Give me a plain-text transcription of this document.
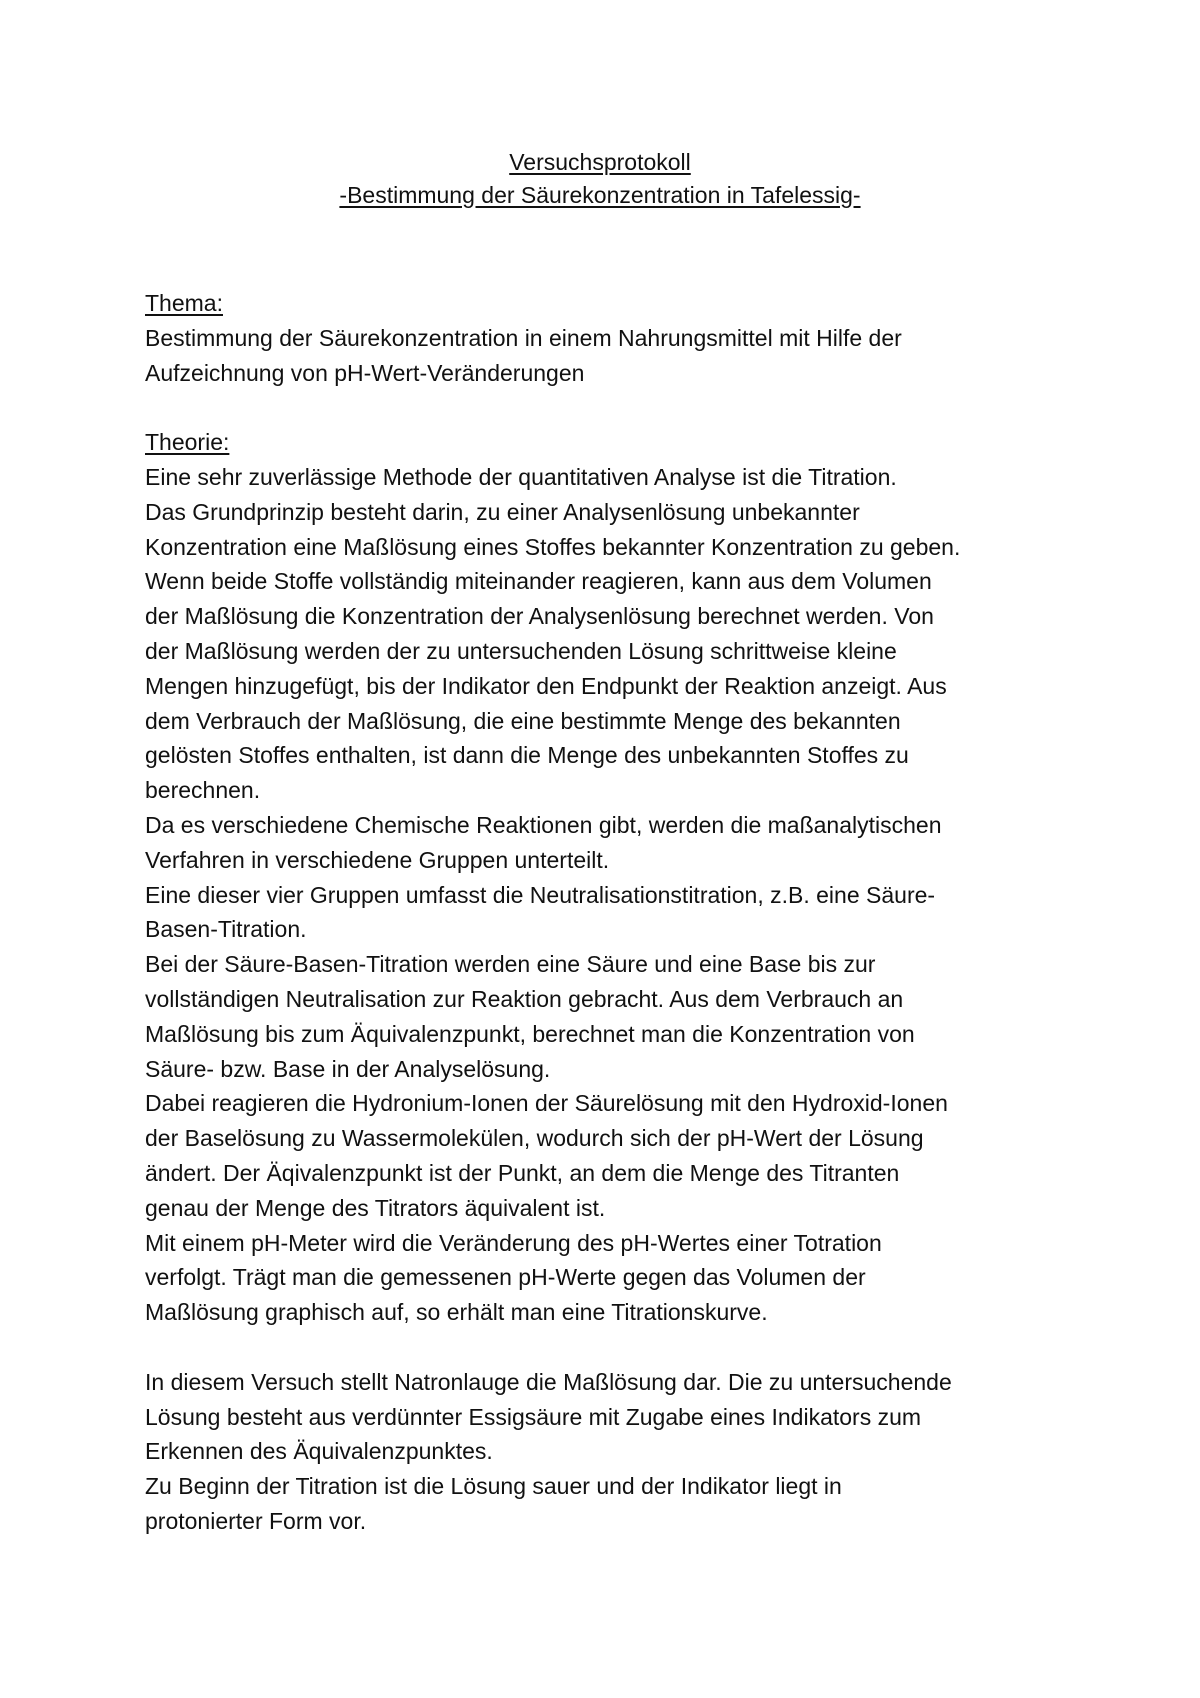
Versuchsprotokoll
-Bestimmung der Säurekonzentration in Tafelessig-
Thema:
Bestimmung der Säurekonzentration in einem Nahrungsmittel mit Hilfe der
Aufzeichnung von pH-Wert-Veränderungen
Theorie:
Eine sehr zuverlässige Methode der quantitativen Analyse ist die Titration.
Das Grundprinzip besteht darin, zu einer Analysenlösung unbekannter
Konzentration eine Maßlösung eines Stoffes bekannter Konzentration zu geben.
Wenn beide Stoffe vollständig miteinander reagieren, kann aus dem Volumen
der Maßlösung die Konzentration der Analysenlösung berechnet werden. Von
der Maßlösung werden der zu untersuchenden Lösung schrittweise kleine
Mengen hinzugefügt, bis der Indikator den Endpunkt der Reaktion anzeigt. Aus
dem Verbrauch der Maßlösung, die eine bestimmte Menge des bekannten
gelösten Stoffes enthalten, ist dann die Menge des unbekannten Stoffes zu
berechnen.
Da es verschiedene Chemische Reaktionen gibt, werden die maßanalytischen
Verfahren in verschiedene Gruppen unterteilt.
Eine dieser vier Gruppen umfasst die Neutralisationstitration, z.B. eine Säure-
Basen-Titration.
Bei der Säure-Basen-Titration werden eine Säure und eine Base bis zur
vollständigen Neutralisation zur Reaktion gebracht. Aus dem Verbrauch an
Maßlösung bis zum Äquivalenzpunkt, berechnet man die Konzentration von
Säure- bzw. Base in der Analyselösung.
Dabei reagieren die Hydronium-Ionen der Säurelösung mit den Hydroxid-Ionen
der Baselösung zu Wassermolekülen, wodurch sich der pH-Wert der Lösung
ändert. Der Äqivalenzpunkt ist der Punkt, an dem die Menge des Titranten
genau der Menge des Titrators äquivalent ist.
Mit einem pH-Meter wird die Veränderung des pH-Wertes einer Totration
verfolgt. Trägt man die gemessenen pH-Werte gegen das Volumen der
Maßlösung graphisch auf, so erhält man eine Titrationskurve.
In diesem Versuch stellt Natronlauge die Maßlösung dar. Die zu untersuchende
Lösung besteht aus verdünnter Essigsäure mit Zugabe eines Indikators zum
Erkennen des Äquivalenzpunktes.
Zu Beginn der Titration ist die Lösung sauer und der Indikator liegt in
protonierter Form vor.
